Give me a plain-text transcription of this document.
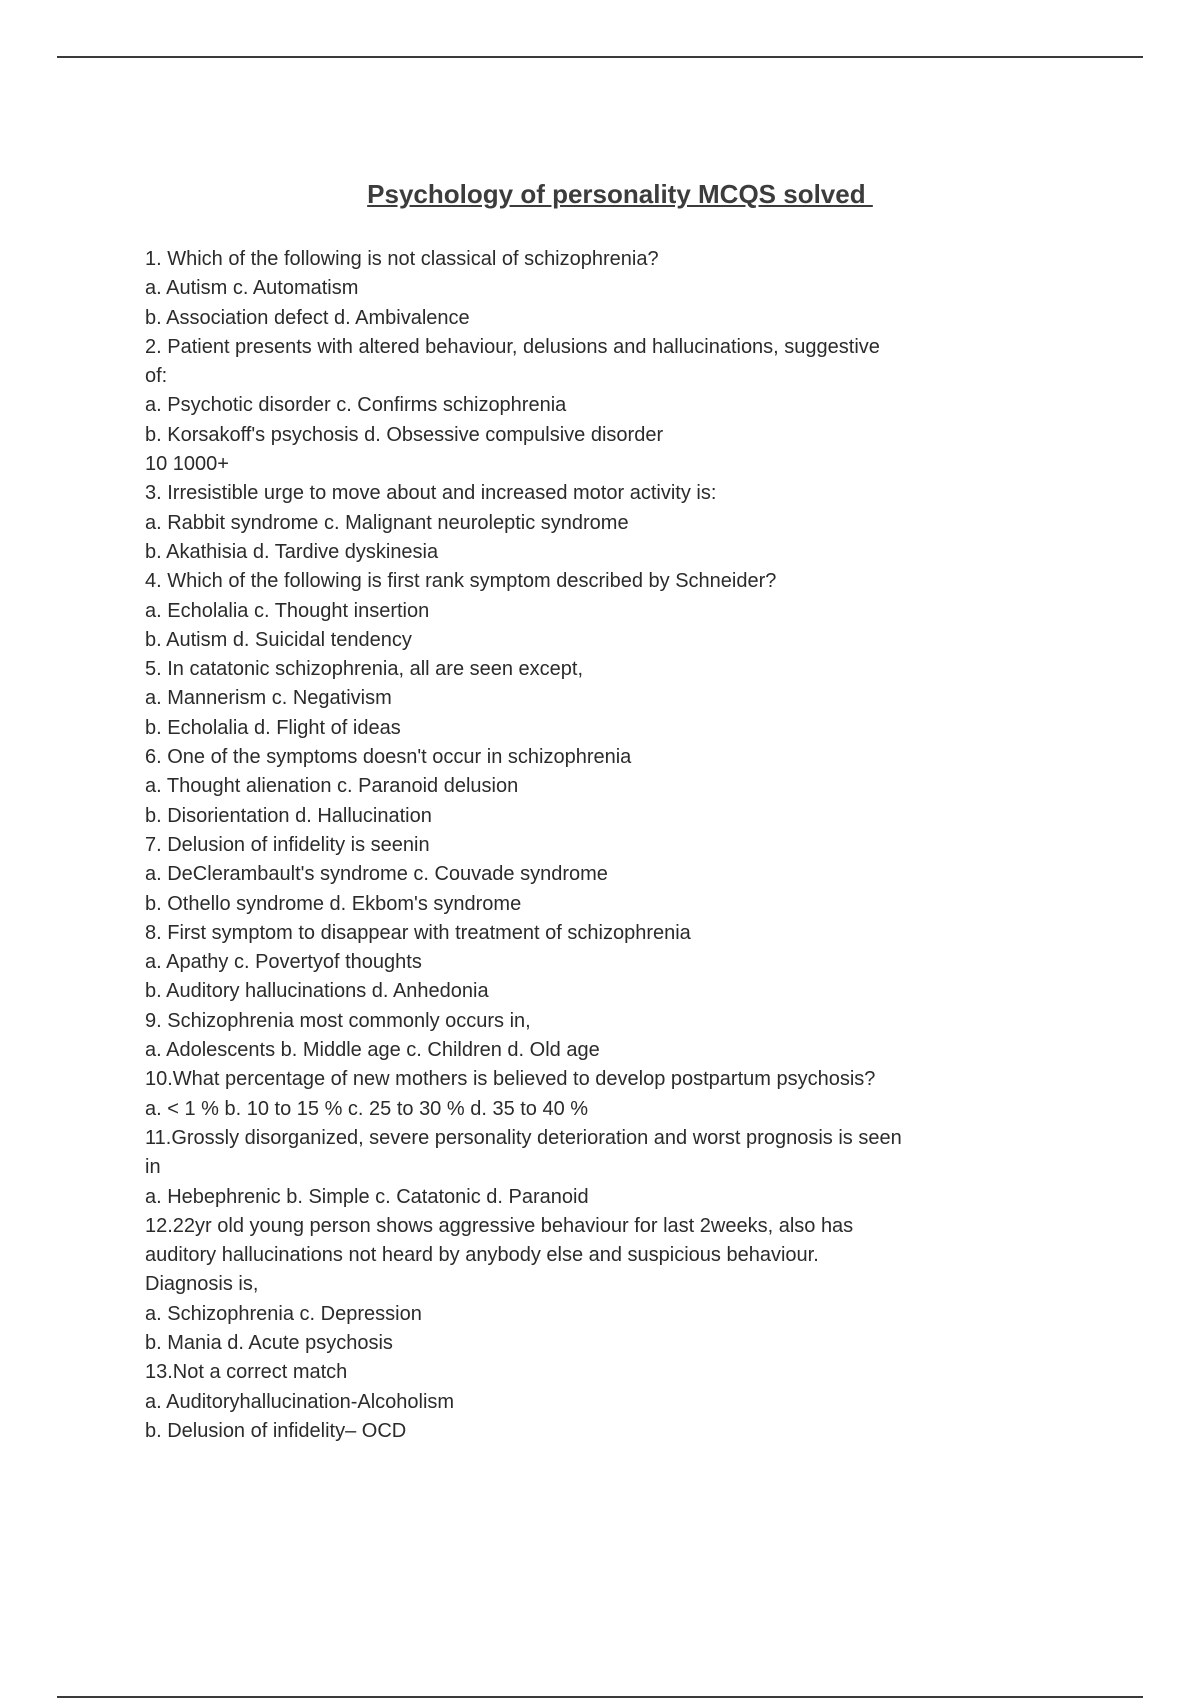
Psychology of personality MCQS solved
1. Which of the following is not classical of schizophrenia?
a. Autism c. Automatism
b. Association defect d. Ambivalence
2. Patient presents with altered behaviour, delusions and hallucinations, suggestive
of:
a. Psychotic disorder c. Confirms schizophrenia
b. Korsakoff's psychosis d. Obsessive compulsive disorder
10 1000+
3. Irresistible urge to move about and increased motor activity is:
a. Rabbit syndrome c. Malignant neuroleptic syndrome
b. Akathisia d. Tardive dyskinesia
4. Which of the following is first rank symptom described by Schneider?
a. Echolalia c. Thought insertion
b. Autism d. Suicidal tendency
5. In catatonic schizophrenia, all are seen except,
a. Mannerism c. Negativism
b. Echolalia d. Flight of ideas
6. One of the symptoms doesn't occur in schizophrenia
a. Thought alienation c. Paranoid delusion
b. Disorientation d. Hallucination
7. Delusion of infidelity is seenin
a. DeClerambault's syndrome c. Couvade syndrome
b. Othello syndrome d. Ekbom's syndrome
8. First symptom to disappear with treatment of schizophrenia
a. Apathy c. Povertyof thoughts
b. Auditory hallucinations d. Anhedonia
9. Schizophrenia most commonly occurs in,
a. Adolescents b. Middle age c. Children d. Old age
10.What percentage of new mothers is believed to develop postpartum psychosis?
a. < 1 % b. 10 to 15 % c. 25 to 30 % d. 35 to 40 %
11.Grossly disorganized, severe personality deterioration and worst prognosis is seen
in
a. Hebephrenic b. Simple c. Catatonic d. Paranoid
12.22yr old young person shows aggressive behaviour for last 2weeks, also has
auditory hallucinations not heard by anybody else and suspicious behaviour.
Diagnosis is,
a. Schizophrenia c. Depression
b. Mania d. Acute psychosis
13.Not a correct match
a. Auditoryhallucination-Alcoholism
b. Delusion of infidelity– OCD
